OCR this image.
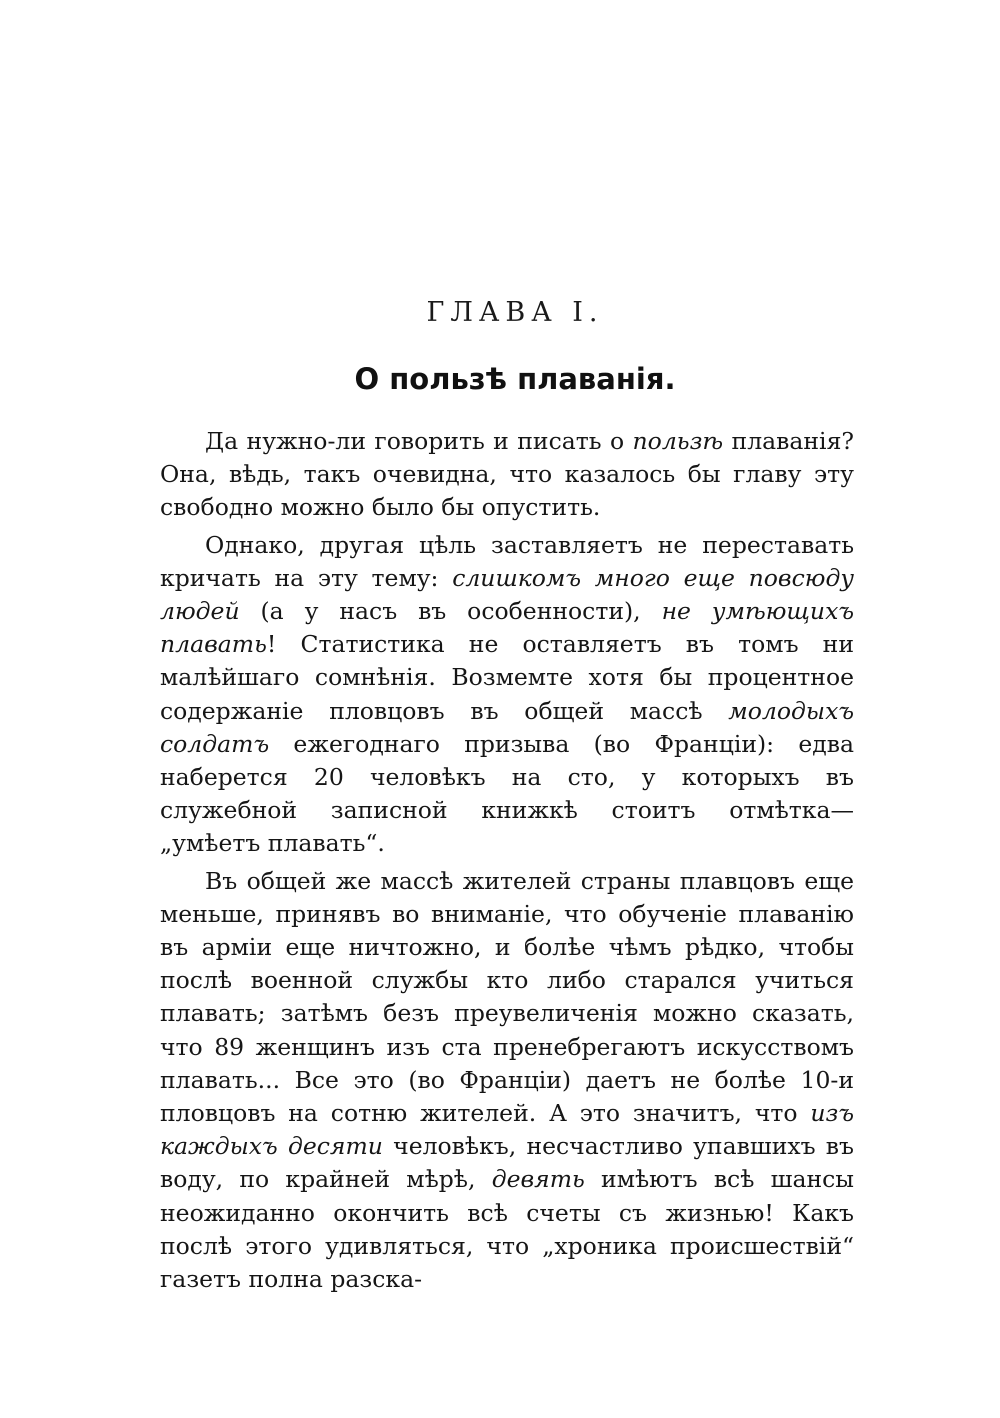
ГЛАВА I.
О пользѣ плаванія.

Да нужно-ли говорить и писать о пользѣ плаванія? Она, вѣдь, такъ очевидна, что казалось бы главу эту свободно можно было бы опустить.

Однако, другая цѣль заставляетъ не переставать кричать на эту тему: слишкомъ много еще повсюду людей (а у насъ въ особенности), не умѣющихъ плавать! Статистика не оставляетъ въ томъ ни малѣйшаго сомнѣнія. Возмемте хотя бы процентное содержаніе пловцовъ въ общей массѣ молодыхъ солдатъ ежегоднаго призыва (во Франціи): едва наберется 20 человѣкъ на сто, у которыхъ въ служебной записной книжкѣ стоитъ отмѣтка— „умѣетъ плавать“.

Въ общей же массѣ жителей страны плавцовъ еще меньше, принявъ во вниманіе, что обученіе плаванію въ арміи еще ничтожно, и болѣе чѣмъ рѣдко, чтобы послѣ военной службы кто либо старался учиться плавать; затѣмъ безъ преувеличенія можно сказать, что 89 женщинъ изъ ста пренебрегаютъ искусствомъ плавать... Все это (во Франціи) даетъ не болѣе 10-и пловцовъ на сотню жителей. А это значитъ, что изъ каждыхъ десяти человѣкъ, несчастливо упавшихъ въ воду, по крайней мѣрѣ, девять имѣютъ всѣ шансы неожиданно окончить всѣ счеты съ жизнью! Какъ послѣ этого удивляться, что „хроника происшествій“ газетъ полна разска-
